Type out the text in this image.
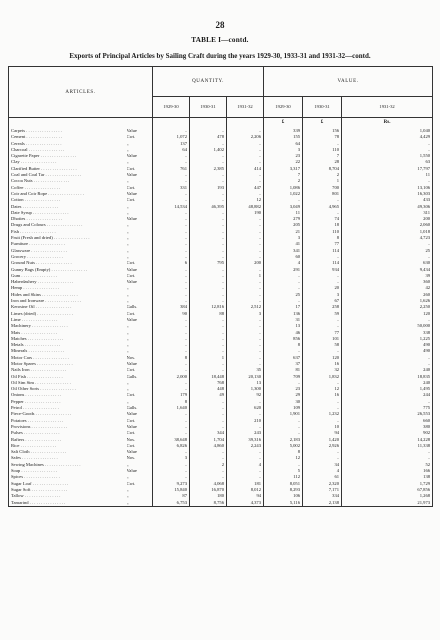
28
TABLE I—contd.
Exports of Principal Articles by Sailing Craft during the years 1929-30, 1933-31 and 1931-32—contd.
ARTICLES.		QUANTITY.			VALUE.		
		1929-30	1930-31	1931-32	1929-30	1930-31	1931-32
					£	£	Rs.
Carpets . . . . . . . . . . . . . . . .	Value	..	..	..	339	156	1,040
Cement . . . . . . . . . . . . . . . .	Cwt.	1,072	478	2,206	155	78	4,429
Cereals . . . . . . . . . . . . . . . .	„	137	..	..	64	..	..
Charcoal . . . . . . . . . . . . . . . .	„	64	1,402	..	3	110	..
Cigarette Paper . . . . . . . . . . . . . . . .	Value	..	..	..	23	7	1,550
Clay . . . . . . . . . . . . . . . .	„	..	..	..	22	28	63
Clarified Butter . . . . . . . . . . . . . . . .	Cwt.	761	2,385	414	3,317	8,704	17,797
Coal and Coal Tar . . . . . . . . . . . . . . . .	Value	..	..	..	7	2	11
Cocoa Nuts . . . . . . . . . . . . . . . .	„	..	..	..	2	1	..
Coffee . . . . . . . . . . . . . . . .	Cwt.	331	193	447	1,086	700	13,106
Coir and Coir Rope . . . . . . . . . . . . . . . .	Value	..	..	..	1,022	801	16,303
Cotton . . . . . . . . . . . . . . . .	Cwt.	..	..	12	..	..	433
Dates . . . . . . . . . . . . . . . .	„	14,534	46,395	48,882	3,049	4,965	49,306
Date Syrup . . . . . . . . . . . . . . . .	„	..	..	190	11	..	311
Dhoties . . . . . . . . . . . . . . . .	Value	..	..	..	279	74	200
Drugs and Colours . . . . . . . . . . . . . . . .	„	..	..	..	205	18	2,060
Fish . . . . . . . . . . . . . . . .	„	..	..	..	21	110	1,018
Fruit (Fresh and dried) . . . . . . . . . . . . . . . .	„	..	..	..	3	8	4,723
Furniture . . . . . . . . . . . . . . . .	„	..	..	..	41	77	..
Glassware . . . . . . . . . . . . . . . .	„	..	..	..	341	114	25
Grocery . . . . . . . . . . . . . . . .	„	..	..	..	60	..	..
Ground Nuts . . . . . . . . . . . . . . . .	Cwt.	6	795	200	4	114	630
Gunny Bags (Empty) . . . . . . . . . . . . . . . .	Value	..	..	..	291	934	9,434
Gum . . . . . . . . . . . . . . . .	Cwt.	..	..	1	..	..	39
Haberdashery . . . . . . . . . . . . . . . .	Value	..	..	..	..	..	360
Hemp . . . . . . . . . . . . . . . .	„	..	..	..	..	20	42
Hides and Skins . . . . . . . . . . . . . . . .	„	..	..	..	25	3	260
Iron and Ironware . . . . . . . . . . . . . . . .	„	..	..	..	..	67	1,626
Kerosine Oil . . . . . . . . . . . . . . . .	Galls.	384	12,816	2,512	17	258	2,250
Limes (dried) . . . . . . . . . . . . . . . .	Cwt.	90	88	3	136	59	120
Lime . . . . . . . . . . . . . . . .	Value	..	..	..	31	..	..
Machinery . . . . . . . . . . . . . . . .	„	..	..	..	13	..	50,000
Mats . . . . . . . . . . . . . . . .	„	..	..	..	46	77	338
Matches . . . . . . . . . . . . . . . .	„	..	..	..	856	101	1,225
Metals . . . . . . . . . . . . . . . .	„	..	..	..	8	58	490
Minerals . . . . . . . . . . . . . . . .	„	..	..	..	..	..	490
Motor Cars . . . . . . . . . . . . . . . .	Nos.	8	1	..	637	120	..
Motor Spares . . . . . . . . . . . . . . . .	Value	..	..	..	37	16	..
Nails Iron . . . . . . . . . . . . . . . .	Cwt.	..	..	35	81	32	240
Oil Fish . . . . . . . . . . . . . . . .	Galls.	2,000	18,448	20,130	709	1,832	18,835
Oil Sim Sim . . . . . . . . . . . . . . . .	„	..	768	13	..	..	240
Oil Other Sorts . . . . . . . . . . . . . . . .	„	..	448	1,300	23	12	1,495
Onions . . . . . . . . . . . . . . . .	Cwt.	179	49	92	29	16	244
Pepper . . . . . . . . . . . . . . . .	„	8	..	..	30	..	..
Petrol . . . . . . . . . . . . . . . .	Galls.	1,640	..	620	109	..	775
Piece-Goods . . . . . . . . . . . . . . . .	Value	..	..	..	1,901	1,232	26,553
Potatoes . . . . . . . . . . . . . . . .	Cwt.	..	..	210	..	..	660
Provisions . . . . . . . . . . . . . . . .	Value	..	..	..	..	10	380
Pulses . . . . . . . . . . . . . . . .	Cwt.	..	344	243	..	94	902
Rafters . . . . . . . . . . . . . . . .	Nos.	38,648	1,704	39,316	2,183	1,420	14,228
Rice . . . . . . . . . . . . . . . .	Cwt.	6,826	4,860	2,243	5,002	2,926	11,338
Salt Cloth . . . . . . . . . . . . . . . .	Value	..	..	..	8	..	..
Safes . . . . . . . . . . . . . . . .	Nos.	3	..	..	12	..	..
Sewing Machines . . . . . . . . . . . . . . . .	„	..	2	4	..	34	52
Soap . . . . . . . . . . . . . . . .	Value	..	..	..	5	4	166
Spices . . . . . . . . . . . . . . . .	„	..	..	..	112	61	138
Sugar Loaf . . . . . . . . . . . . . . . .	Cwt.	9,273	4,068	181	8,051	2,320	1,729
Sugar Soft . . . . . . . . . . . . . . . .	„	15,840	16,870	8,012	8,293	7,171	67,856
Tallow . . . . . . . . . . . . . . . .	„	87	180	94	106	334	1,268
Tamarind . . . . . . . . . . . . . . . .	„	6,753	8,756	4,373	5,116	2,138	21,973
